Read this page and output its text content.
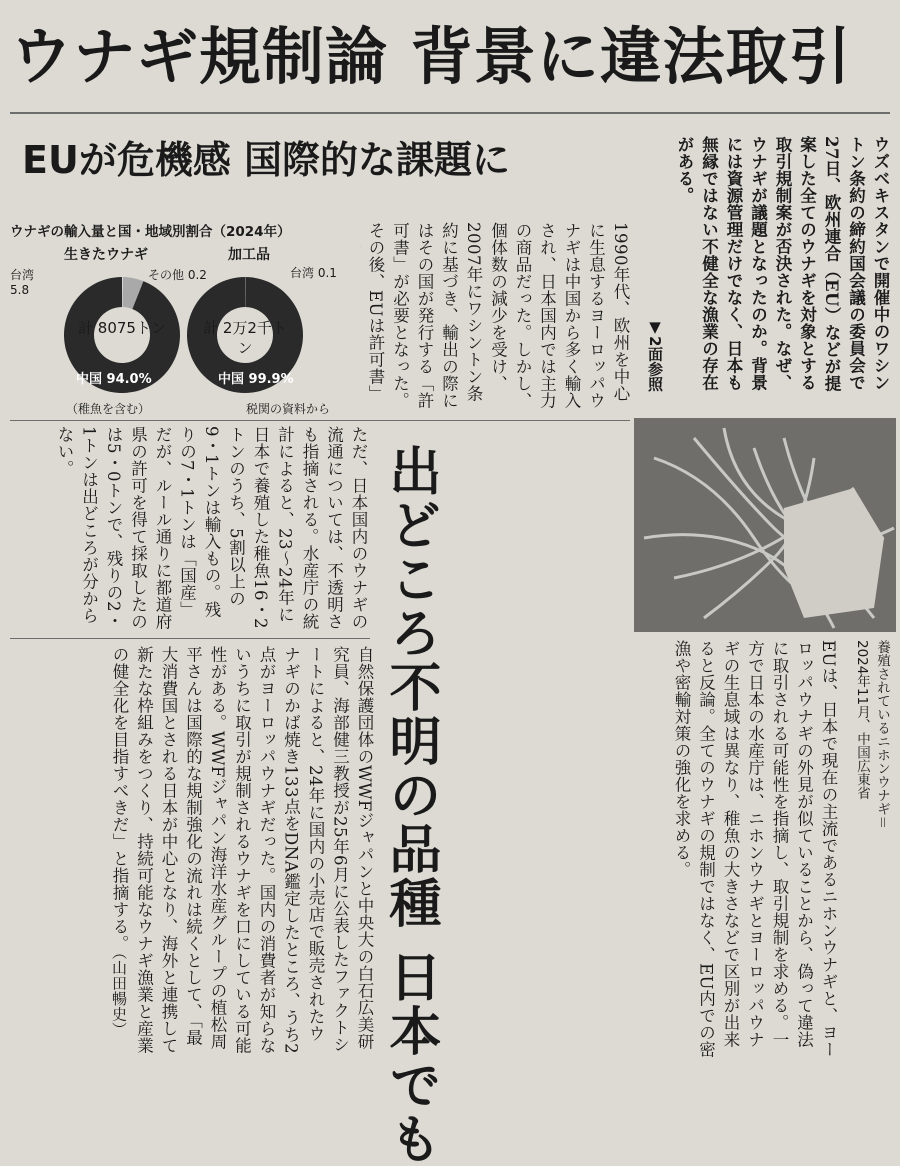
ウナギ規制論 背景に違法取引
EUが危機感 国際的な課題に	ウズベキスタンで開催中のワシントン条約の締約国会議の委員会で27日、欧州連合（EU）などが提案した全てのウナギを対象とする取引規制案が否決された。なぜ、ウナギが議題となったのか。背景には資源管理だけでなく、日本も無縁ではない不健全な漁業の存在がある。
▼2面参照
1990年代、欧州を中心に生息するヨーロッパウナギは中国から多く輸入され、日本国内では主力の商品だった。しかし、個体数の減少を受け、2007年にワシントン条約に基づき、輸出の際にはその国が発行する「許可書」が必要となった。その後、EUは許可書」
ウナギの輸入量と国・地域別割合（2024年）
生きたウナギ	加工品
台湾 5.8
その他 0.2	台湾 0.1
計 8075トン 計 2万2千トン
中国 94.0%	中国 99.9%
（稚魚を含む）	税関の資料から
養殖されているニホンウナギ＝2024年11月、中国広東省
EUは、日本で現在の主流であるニホンウナギと、ヨーロッパウナギの外見が似ていることから、偽って違法に取引される可能性を指摘し、取引規制を求める。一方で日本の水産庁は、ニホンウナギとヨーロッパウナギの生息域は異なり、稚魚の大きさなどで区別が出来ると反論。全てのウナギの規制ではなく、EU内での密漁や密輸対策の強化を求める。
出どころ不明の品種 日本でも
ただ、日本国内のウナギの流通については、不透明さも指摘される。水産庁の統計によると、23～24年に日本で養殖した稚魚16・2トンのうち、5割以上の9・1トンは輸入もの。残りの7・1トンは「国産」だが、ルール通りに都道府県の許可を得て採取したのは5・0トンで、残りの2・1トンは出どころが分からない。
自然保護団体のWWFジャパンと中央大の白石広美研究員、海部健三教授が25年6月に公表したファクトシートによると、24年に国内の小売店で販売されたウナギのかば焼き133点をDNA鑑定したところ、うち2点がヨーロッパウナギだった。国内の消費者が知らないうちに取引が規制されるウナギを口にしている可能性がある。WWFジャパン海洋水産グループの植松周平さんは国際的な規制強化の流れは続くとして、「最大消費国とされる日本が中心となり、海外と連携して新たな枠組みをつくり、持続可能なウナギ漁業と産業の健全化を目指すべきだ」と指摘する。（山田暢史）
